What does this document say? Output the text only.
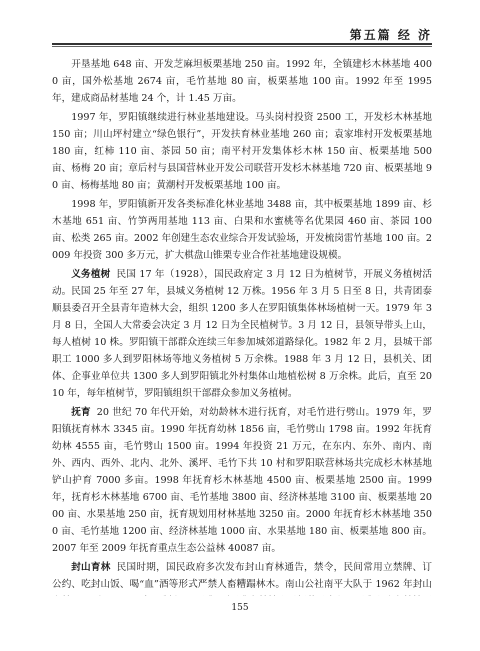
第五篇 经 济

开垦基地 648 亩、开发芝麻坦板栗基地 250 亩。1992 年，全镇建杉木林基地 4000 亩，国外松基地 2674 亩，毛竹基地 80 亩，板栗基地 100 亩。1992 年至 1995 年，建成商品材基地 24 个，计 1.45 万亩。

1997 年，罗阳镇继续进行林业基地建设。马头岗村投资 2500 工，开发杉木林基地 150 亩；川山坪村建立“绿色银行”，开发扶育林业基地 260 亩；袁家堆村开发板栗基地 180 亩，红柿 110 亩、茶园 50 亩；南平村开发集体杉木林 150 亩、板栗基地 500 亩、杨梅 20 亩；章后村与县国营林业开发公司联营开发杉木林基地 720 亩、板栗基地 90 亩、杨梅基地 80 亩；黄潮村开发板栗基地 100 亩。

1998 年，罗阳镇新开发各类标准化林业基地 3488 亩，其中板栗基地 1899 亩、杉木基地 651 亩、竹笋两用基地 113 亩、白果和水蜜桃等名优果园 460 亩、茶园 100 亩、松类 265 亩。2002 年创建生态农业综合开发试验场，开发梳岗雷竹基地 100 亩。2009 年投资 300 多万元，扩大棋盘山锥栗专业合作社基地建设规模。

义务植树 民国 17 年（1928），国民政府定 3 月 12 日为植树节，开展义务植树活动。民国 25 年至 27 年，县城义务植树 12 万株。1956 年 3 月 5 日至 8 日，共青团泰顺县委召开全县青年造林大会，组织 1200 多人在罗阳镇集体林场植树一天。1979 年 3 月 8 日，全国人大常委会决定 3 月 12 日为全民植树节。3 月 12 日，县领导带头上山，每人植树 10 株。罗阳镇干部群众连续三年参加城郊道路绿化。1982 年 2 月，县城干部职工 1000 多人到罗阳林场等地义务植树 5 万余株。1988 年 3 月 12 日，县机关、团体、企事业单位共 1300 多人到罗阳镇北外村集体山地植松树 8 万余株。此后，直至 2010 年，每年植树节，罗阳镇组织干部群众参加义务植树。

抚育 20 世纪 70 年代开始，对幼龄林木进行抚育，对毛竹进行劈山。1979 年，罗阳镇抚育林木 3345 亩。1990 年抚育幼林 1856 亩，毛竹劈山 1798 亩。1992 年抚育幼林 4555 亩，毛竹劈山 1500 亩。1994 年投资 21 万元，在东内、东外、南内、南外、西内、西外、北内、北外、溪坪、毛竹下共 10 村和罗阳联营林场共完成杉木林基地铲山护育 7000 多亩。1998 年抚育杉木林基地 4500 亩、板栗基地 2500 亩。1999 年，抚育杉木林基地 6700 亩、毛竹基地 3800 亩、经济林基地 3100 亩、板栗基地 2000 亩、水果基地 250 亩，抚育规划用材林基地 3250 亩。2000 年抚育杉木林基地 3500 亩、毛竹基地 1200 亩、经济林基地 1000 亩、水果基地 180 亩、板栗基地 800 亩。2007 年至 2009 年抚育重点生态公益林 40087 亩。

封山育林 民国时期，国民政府多次发布封山育林通告，禁令，民间常用立禁牌、订公约、吃封山饭、喝“血”酒等形式严禁人畜糟蹋林木。南山公社南平大队于 1962 年封山

155
